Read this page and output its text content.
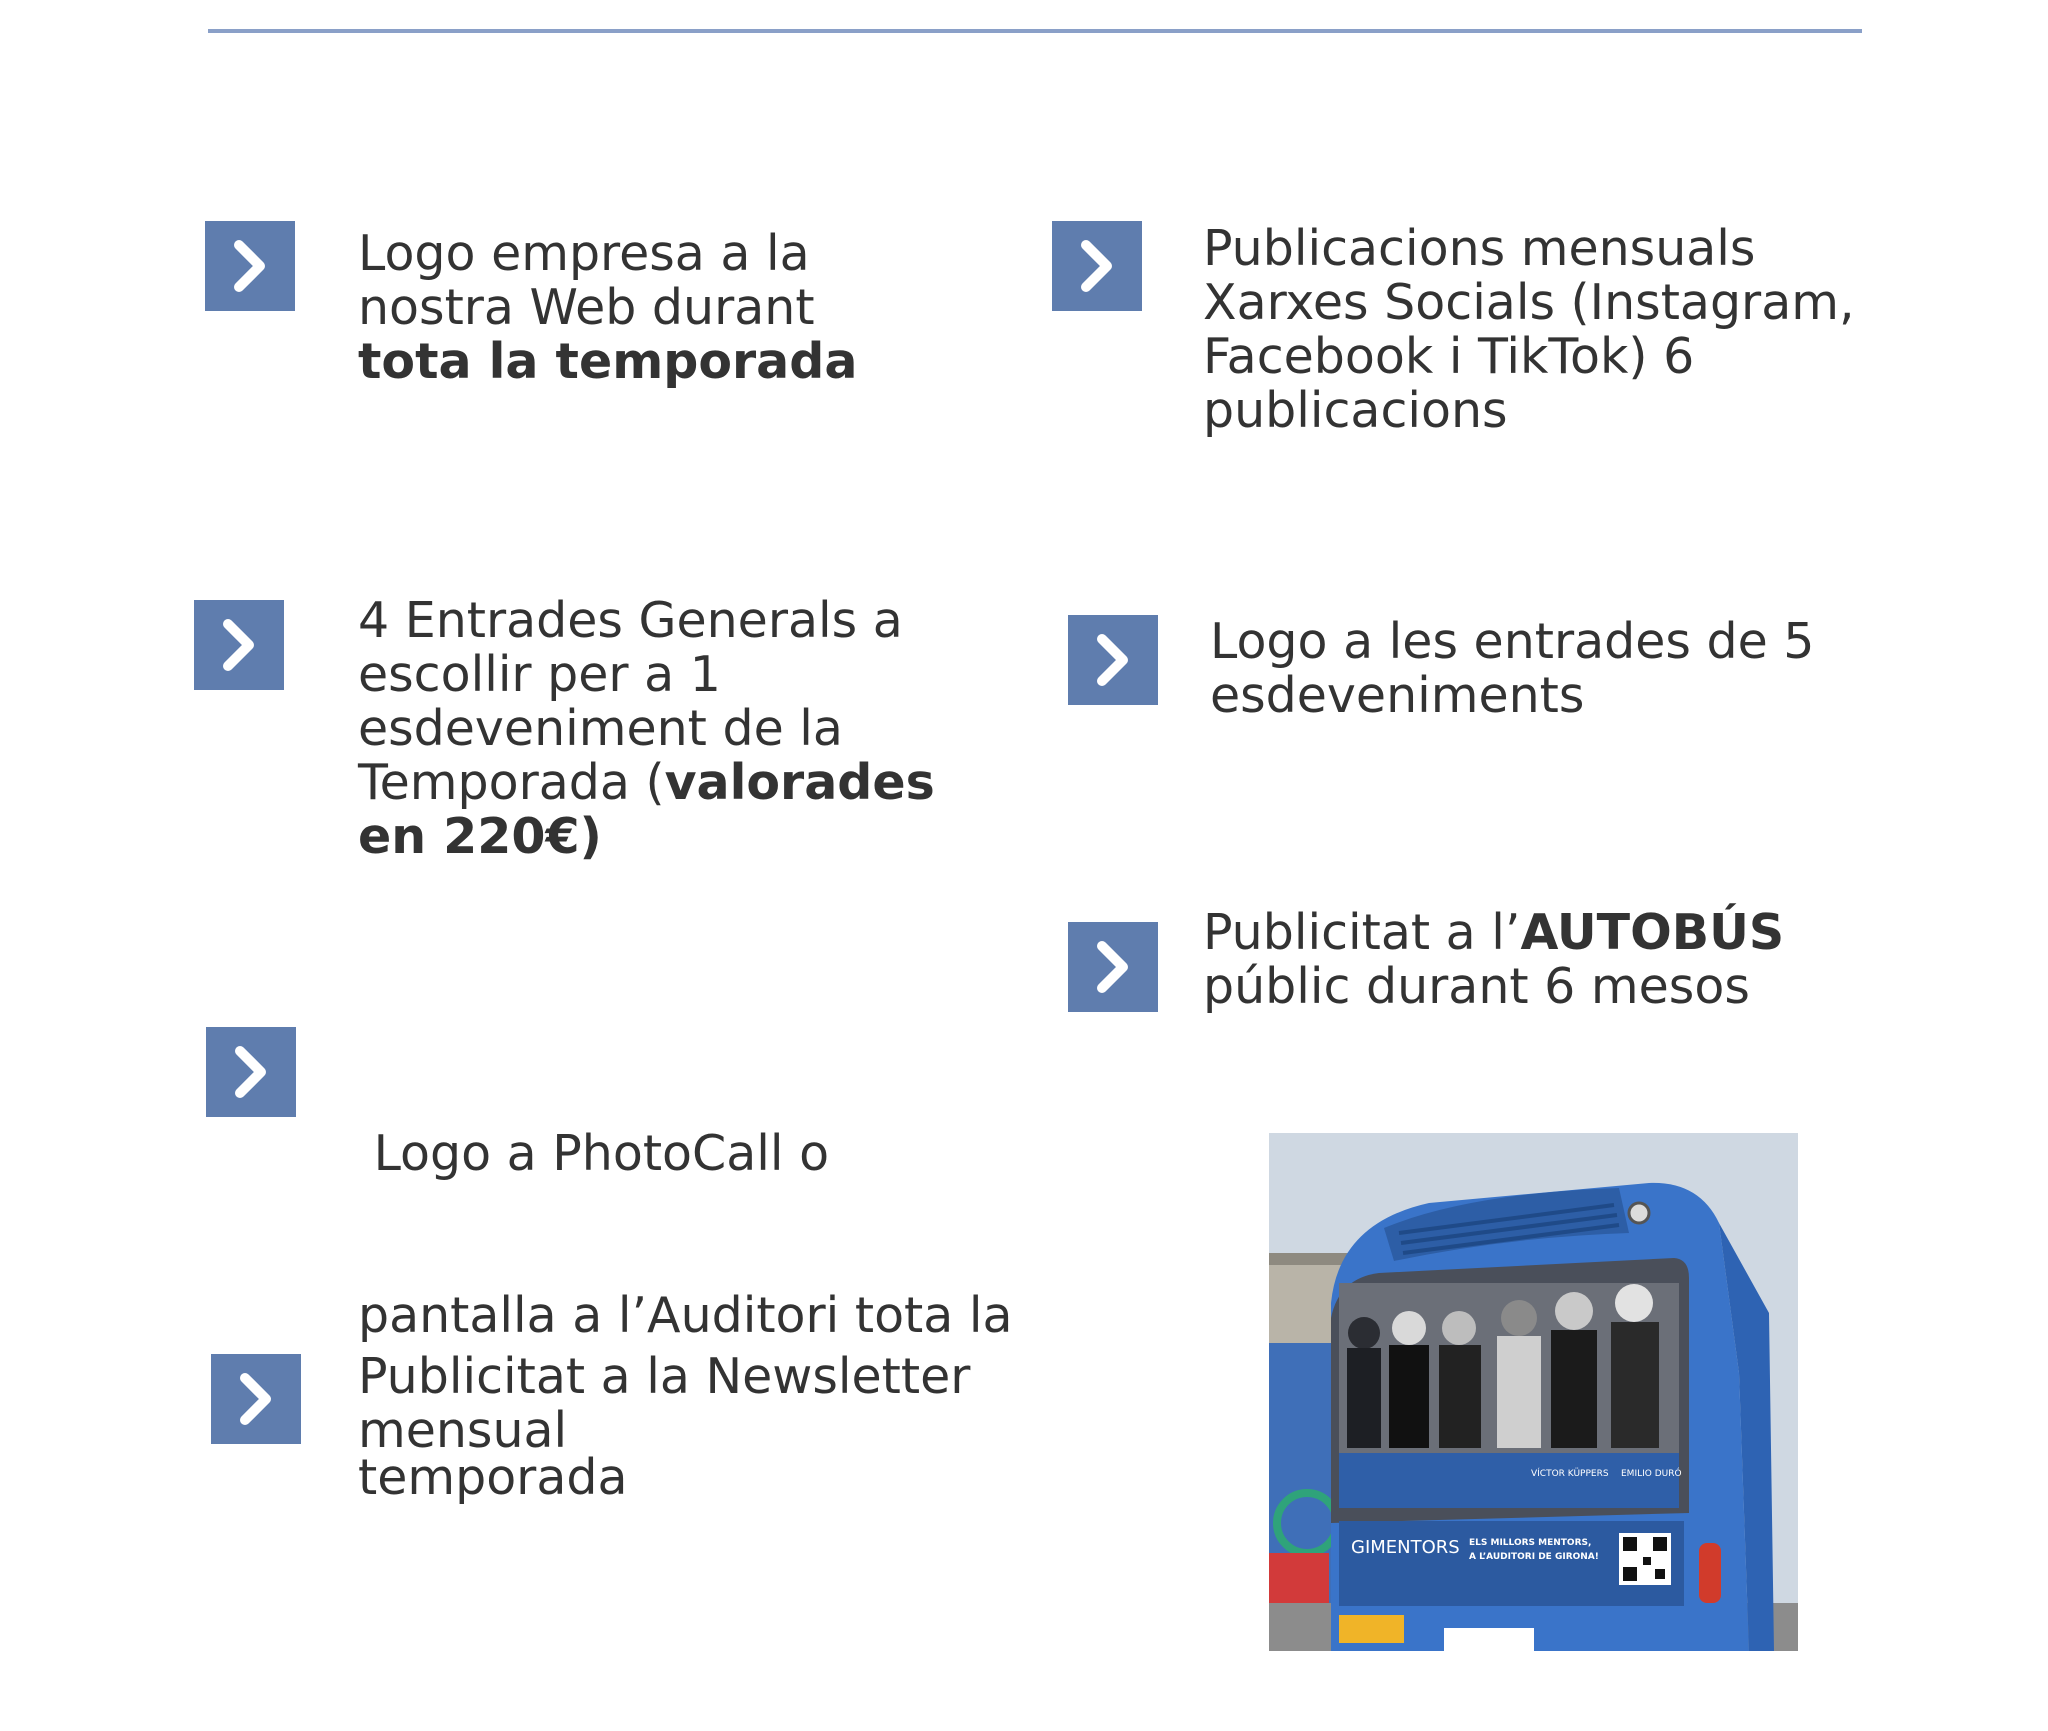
Logo empresa a la
nostra Web durant
tota la temporada
Publicacions mensuals
Xarxes Socials (Instagram,
Facebook i TikTok) 6
publicacions
4 Entrades Generals a
escollir per a 1
esdeveniment de la
Temporada (valorades
en 220€)
Logo a les entrades de 5
esdeveniments
Publicitat a l’AUTOBÚS
públic durant 6 mesos

Logo a PhotoCall o

pantalla a l’Auditori tota la

temporada

Publicitat a la Newsletter
mensual
VÍCTOR KÜPPERS EMILIO DURÓ
GIMENTORS ELS MILLORS MENTORS,
A L’AUDITORI DE GIRONA!
